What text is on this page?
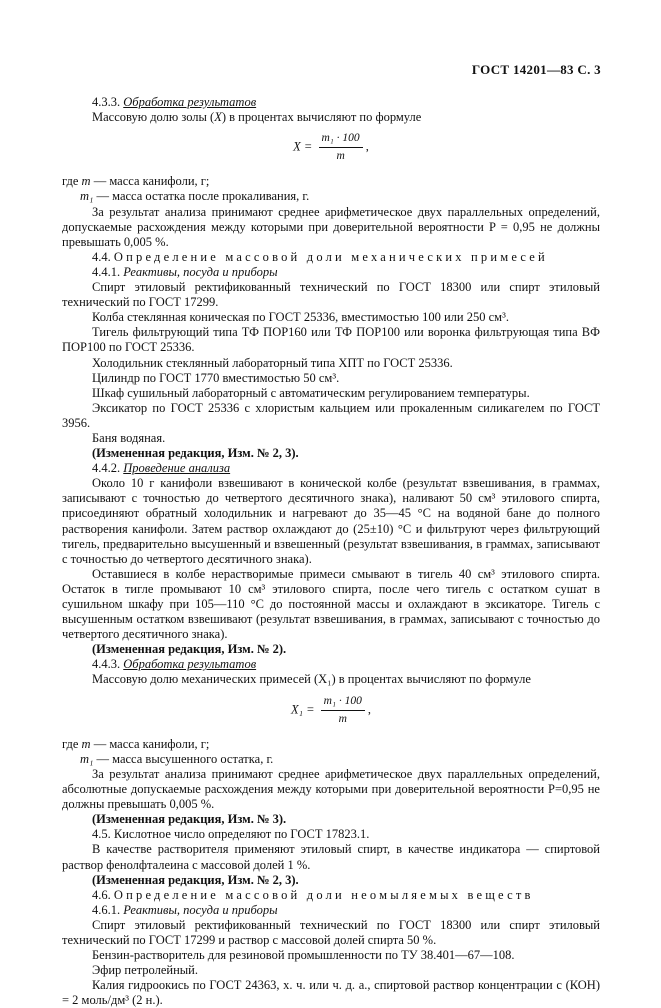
ГОСТ 14201—83 С. 3

4.3.3. Обработка результатов

Массовую долю золы (X) в процентах вычисляют по формуле

$X = \frac{\text{m₁ · 100}}{m}$ ,

где m — масса канифоли, г;

m₁ — масса остатка после прокаливания, г.

За результат анализа принимают среднее арифметическое двух параллельных определений, допускаемые расхождения между которыми при доверительной вероятности P = 0,95 не должны превышать 0,005 %.

4.4. Определение массовой доли механических примесей

4.4.1. Реактивы, посуда и приборы

Спирт этиловый ректификованный технический по ГОСТ 18300 или спирт этиловый технический по ГОСТ 17299.

Колба стеклянная коническая по ГОСТ 25336, вместимостью 100 или 250 см³.

Тигель фильтрующий типа ТФ ПОР160 или ТФ ПОР100 или воронка фильтрующая типа ВФ ПОР100 по ГОСТ 25336.

Холодильник стеклянный лабораторный типа ХПТ по ГОСТ 25336.

Цилиндр по ГОСТ 1770 вместимостью 50 см³.

Шкаф сушильный лабораторный с автоматическим регулированием температуры.

Эксикатор по ГОСТ 25336 с хлористым кальцием или прокаленным силикагелем по ГОСТ 3956.

Баня водяная.

(Измененная редакция, Изм. № 2, 3).

4.4.2. Проведение анализа

Около 10 г канифоли взвешивают в конической колбе (результат взвешивания, в граммах, записывают с точностью до четвертого десятичного знака), наливают 50 см³ этилового спирта, присоединяют обратный холодильник и нагревают до 35—45 °С на водяной бане до полного растворения канифоли. Затем раствор охлаждают до (25±10) °С и фильтруют через фильтрующий тигель, предварительно высушенный и взвешенный (результат взвешивания, в граммах, записывают с точностью до четвертого десятичного знака).

Оставшиеся в колбе нерастворимые примеси смывают в тигель 40 см³ этилового спирта. Остаток в тигле промывают 10 см³ этилового спирта, после чего тигель с остатком сушат в сушильном шкафу при 105—110 °С до постоянной массы и охлаждают в эксикаторе. Тигель с высушенным остатком взвешивают (результат взвешивания, в граммах, записывают с точностью до четвертого десятичного знака).

(Измененная редакция, Изм. № 2).

4.4.3. Обработка результатов

Массовую долю механических примесей (X₁) в процентах вычисляют по формуле

$X_1 = \frac{\text{m₁ · 100}}{m}$ ,

где m — масса канифоли, г;

m₁ — масса высушенного остатка, г.

За результат анализа принимают среднее арифметическое двух параллельных определений, абсолютные допускаемые расхождения между которыми при доверительной вероятности P=0,95 не должны превышать 0,005 %.

(Измененная редакция, Изм. № 3).

4.5. Кислотное число определяют по ГОСТ 17823.1.

В качестве растворителя применяют этиловый спирт, в качестве индикатора — спиртовой раствор фенолфталеина с массовой долей 1 %.

(Измененная редакция, Изм. № 2, 3).

4.6. Определение массовой доли неомыляемых веществ

4.6.1. Реактивы, посуда и приборы

Спирт этиловый ректификованный технический по ГОСТ 18300 или спирт этиловый технический по ГОСТ 17299 и раствор с массовой долей спирта 50 %.

Бензин-растворитель для резиновой промышленности по ТУ 38.401—67—108.

Эфир петролейный.

Калия гидроокись по ГОСТ 24363, х. ч. или ч. д. а., спиртовой раствор концентрации с (КОН) = 2 моль/дм³ (2 н.).
